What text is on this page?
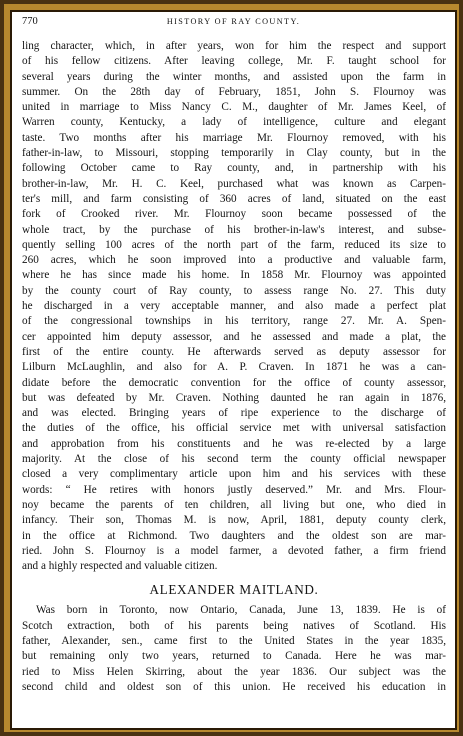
770	HISTORY OF RAY COUNTY.
ling character, which, in after years, won for him the respect and support
of his fellow citizens. After leaving college, Mr. F. taught school for
several years during the winter months, and assisted upon the farm in
summer. On the 28th day of February, 1851, John S. Flournoy was
united in marriage to Miss Nancy C. M., daughter of Mr. James Keel, of
Warren county, Kentucky, a lady of intelligence, culture and elegant
taste. Two months after his marriage Mr. Flournoy removed, with his
father-in-law, to Missouri, stopping temporarily in Clay county, but in the
following October came to Ray county, and, in partnership with his
brother-in-law, Mr. H. C. Keel, purchased what was known as Carpen-
ter's mill, and farm consisting of 360 acres of land, situated on the east
fork of Crooked river. Mr. Flournoy soon became possessed of the
whole tract, by the purchase of his brother-in-law's interest, and subse-
quently selling 100 acres of the north part of the farm, reduced its size to
260 acres, which he soon improved into a productive and valuable farm,
where he has since made his home. In 1858 Mr. Flournoy was appointed
by the county court of Ray county, to assess range No. 27. This duty
he discharged in a very acceptable manner, and also made a perfect plat
of the congressional townships in his territory, range 27. Mr. A. Spen-
cer appointed him deputy assessor, and he assessed and made a plat, the
first of the entire county. He afterwards served as deputy assessor for
Lilburn McLaughlin, and also for A. P. Craven. In 1871 he was a can-
didate before the democratic convention for the office of county assessor,
but was defeated by Mr. Craven. Nothing daunted he ran again in 1876,
and was elected. Bringing years of ripe experience to the discharge of
the duties of the office, his official service met with universal satisfaction
and approbation from his constituents and he was re-elected by a large
majority. At the close of his second term the county official newspaper
closed a very complimentary article upon him and his services with these
words: “ He retires with honors justly deserved.” Mr. and Mrs. Flour-
noy became the parents of ten children, all living but one, who died in
infancy. Their son, Thomas M. is now, April, 1881, deputy county clerk,
in the office at Richmond. Two daughters and the oldest son are mar-
ried. John S. Flournoy is a model farmer, a devoted father, a firm friend
and a highly respected and valuable citizen.
ALEXANDER MAITLAND.
Was born in Toronto, now Ontario, Canada, June 13, 1839. He is of
Scotch extraction, both of his parents being natives of Scotland. His
father, Alexander, sen., came first to the United States in the year 1835,
but remaining only two years, returned to Canada. Here he was mar-
ried to Miss Helen Skirring, about the year 1836. Our subject was the
second child and oldest son of this union. He received his education in
